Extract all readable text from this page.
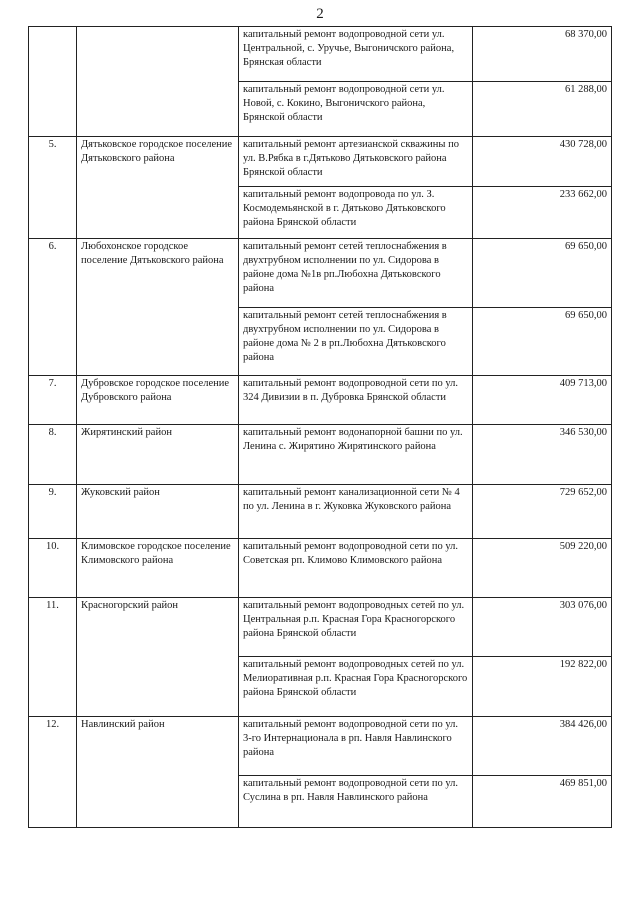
2
		капитальный ремонт водопроводной сети ул. Центральной, с. Уручье, Выгоничского района, Брянская области	68 370,00
		капитальный ремонт водопроводной сети ул. Новой, с. Кокино, Выгоничского района, Брянской области	61 288,00
5.	Дятьковское городское поселение Дятьковского района	капитальный ремонт артезианской скважины по ул. В.Рябка в г.Дятьково Дятьковского района Брянской области	430 728,00
		капитальный ремонт водопровода по ул. З. Космодемьянской в г. Дятьково Дятьковского района Брянской области	233 662,00
6.	Любохонское городское поселение Дятьковского района	капитальный ремонт сетей теплоснабжения в двухтрубном исполнении по ул. Сидорова в районе дома №1в рп.Любохна Дятьковского района	69 650,00
		капитальный ремонт сетей теплоснабжения в двухтрубном исполнении по ул. Сидорова в районе дома № 2 в рп.Любохна Дятьковского района	69 650,00
7.	Дубровское городское поселение Дубровского района	капитальный ремонт водопроводной сети по ул. 324 Дивизии в п. Дубровка Брянской области	409 713,00
8.	Жирятинский район	капитальный ремонт водонапорной башни по ул. Ленина с. Жирятино Жирятинского района	346 530,00
9.	Жуковский район	капитальный ремонт канализационной сети № 4 по ул. Ленина в г. Жуковка Жуковского района	729 652,00
10.	Климовское городское поселение Климовского района	капитальный ремонт водопроводной сети по ул. Советская рп. Климово Климовского района	509 220,00
11.	Красногорский район	капитальный ремонт водопроводных сетей по ул. Центральная р.п. Красная Гора Красногорского района Брянской области	303 076,00
		капитальный ремонт водопроводных сетей по ул. Мелиоративная р.п. Красная Гора Красногорского района Брянской области	192 822,00
12.	Навлинский район	капитальный ремонт водопроводной сети по ул. 3-го Интернационала в рп. Навля Навлинского района	384 426,00
		капитальный ремонт водопроводной сети по ул. Суслина в рп. Навля Навлинского района	469 851,00
